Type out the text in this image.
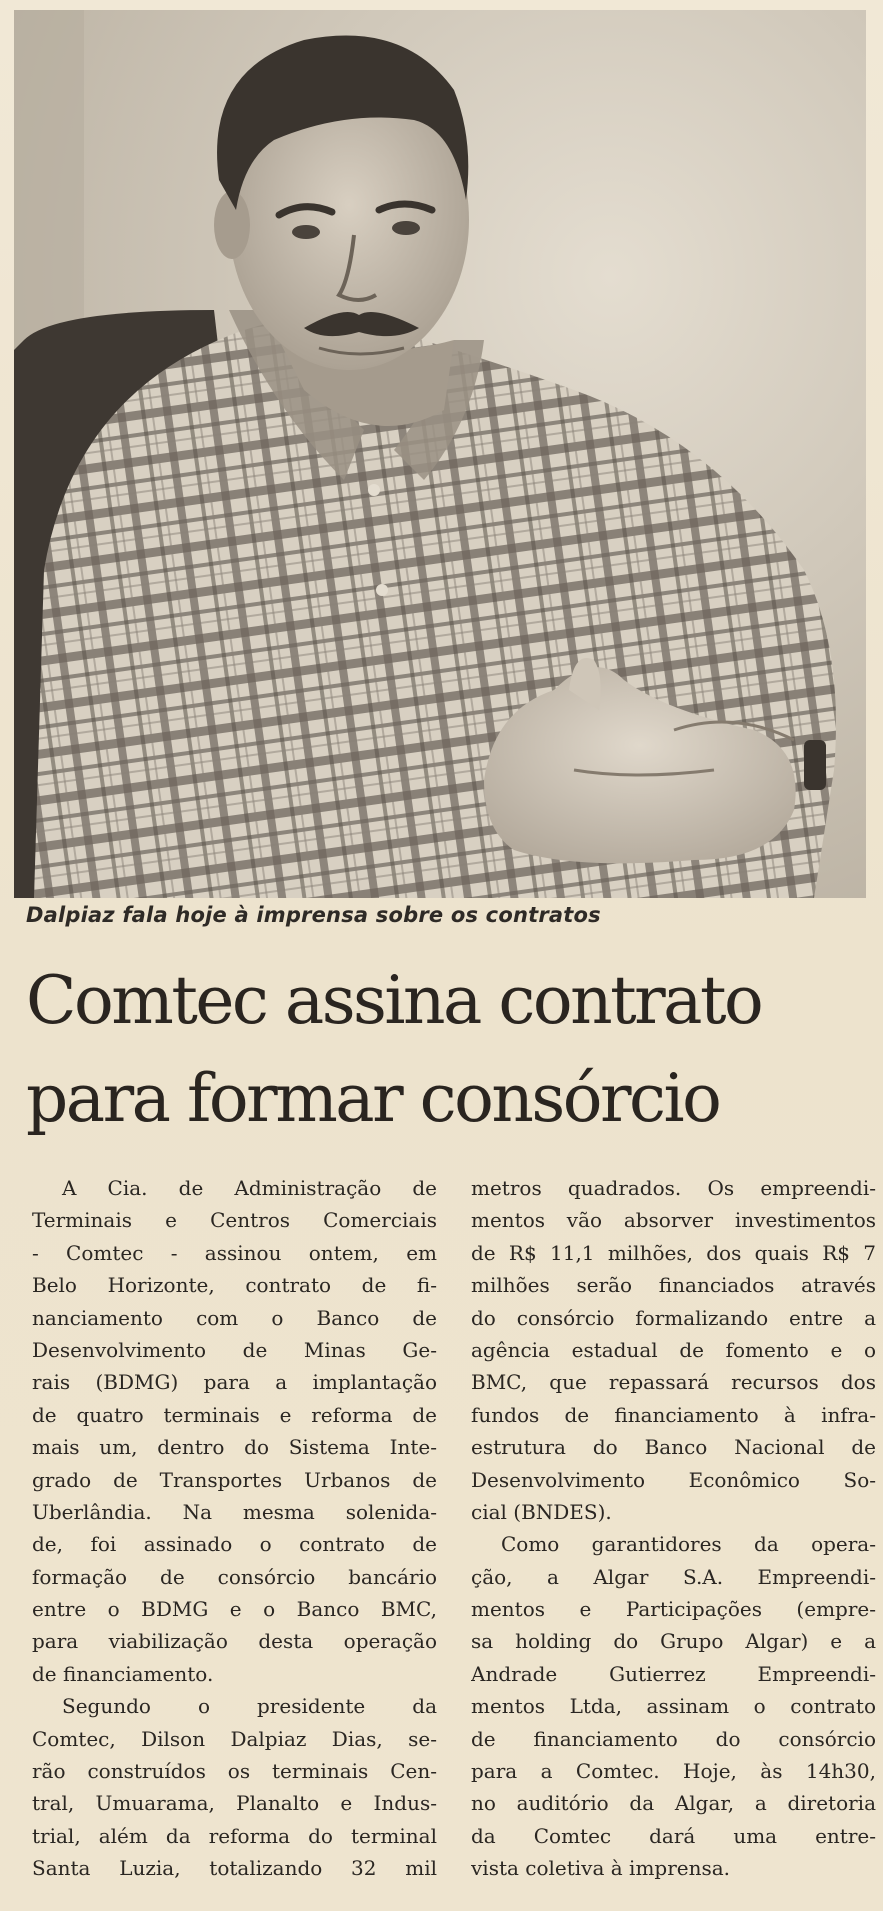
Dalpiaz fala hoje à imprensa sobre os contratos
Comtec assina contrato
para formar consórcio
A Cia. de Administração de
Terminais e Centros Comerciais
- Comtec - assinou ontem, em
Belo Horizonte, contrato de fi-
nanciamento com o Banco de
Desenvolvimento de Minas Ge-
rais (BDMG) para a implantação
de quatro terminais e reforma de
mais um, dentro do Sistema Inte-
grado de Transportes Urbanos de
Uberlândia. Na mesma solenida-
de, foi assinado o contrato de
formação de consórcio bancário
entre o BDMG e o Banco BMC,
para viabilização desta operação
de financiamento.
Segundo o presidente da
Comtec, Dilson Dalpiaz Dias, se-
rão construídos os terminais Cen-
tral, Umuarama, Planalto e Indus-
trial, além da reforma do terminal
Santa Luzia, totalizando 32 mil
metros quadrados. Os empreendi-
mentos vão absorver investimentos
de R$ 11,1 milhões, dos quais R$ 7
milhões serão financiados através
do consórcio formalizando entre a
agência estadual de fomento e o
BMC, que repassará recursos dos
fundos de financiamento à infra-
estrutura do Banco Nacional de
Desenvolvimento Econômico So-
cial (BNDES).
Como garantidores da opera-
ção, a Algar S.A. Empreendi-
mentos e Participações (empre-
sa holding do Grupo Algar) e a
Andrade Gutierrez Empreendi-
mentos Ltda, assinam o contrato
de financiamento do consórcio
para a Comtec. Hoje, às 14h30,
no auditório da Algar, a diretoria
da Comtec dará uma entre-
vista coletiva à imprensa.
